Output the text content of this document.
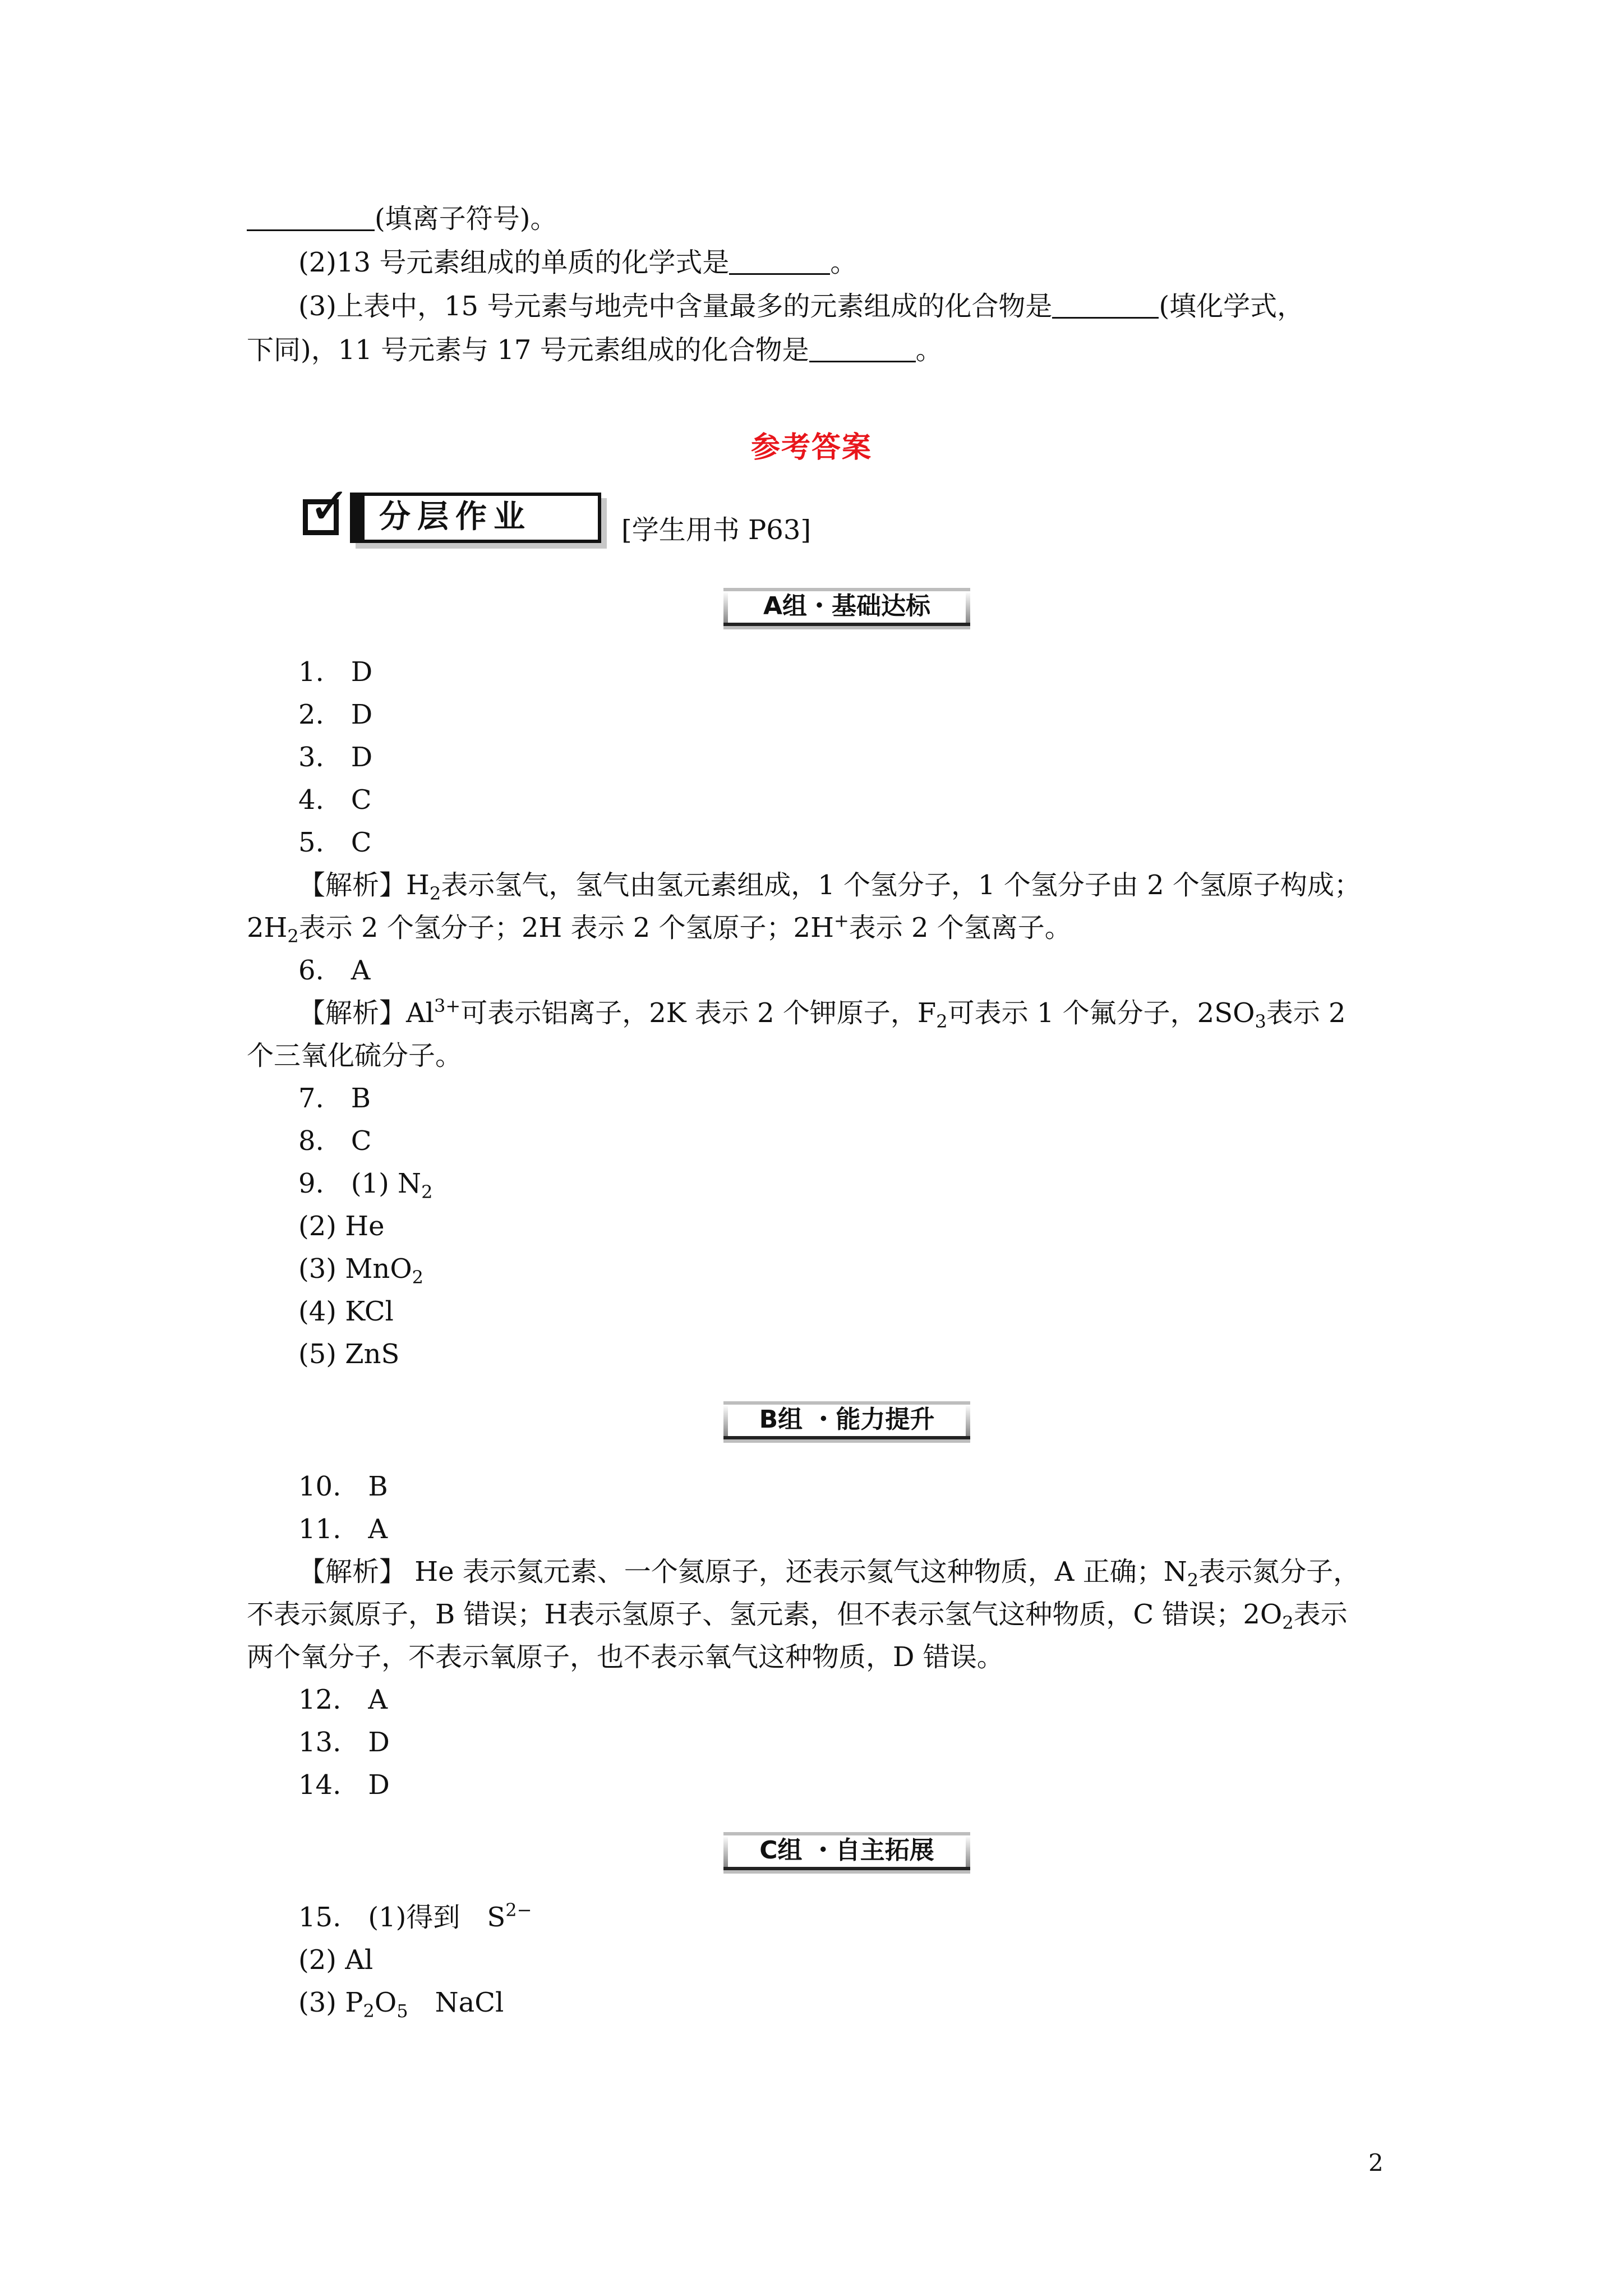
(填离子符号)。
(2)13 号元素组成的单质的化学式是	。
(3)上表中，15 号元素与地壳中含量最多的元素组成的化合物是	(填化学式，
下同)，11 号元素与 17 号元素组成的化合物是	。
参考答案
✓ 分层作业	[学生用书 P63]
A组・基础达标
1.　D
2.　D
3.　D
4.　C
5.　C
【解析】$H_2$表示氢气，氢气由氢元素组成，1 个氢分子，1 个氢分子由 2 个氢原子构成；
$2H_2$表示 2 个氢分子；2H 表示 2 个氢原子；2H+表示 2 个氢离子。
6.　A
【解析】$Al^{3+}$可表示铝离子，2K 表示 2 个钾原子，$F_2$可表示 1 个氟分子，$2SO_3$表示 2
个三氧化硫分子。
7.　B
8.　C
9.　(1) $N_2$
(2) He
(3) MnO$_2$
(4) KCl
(5) ZnS
B组 ・能力提升
10.　B
11.　A
【解析】 He 表示氦元素、一个氦原子，还表示氦气这种物质，A 正确；$N_2$表示氮分子，
不表示氮原子，B 错误；H表示氢原子、氢元素，但不表示氢气这种物质，C 错误；$2O_2$表示
两个氧分子，不表示氧原子，也不表示氧气这种物质，D 错误。
12.　A
13.　D
14.　D
C组 ・自主拓展
15.　(1)得到　$S^{2-}$
(2) Al
(3) $P_2O_5$　NaCl
2
